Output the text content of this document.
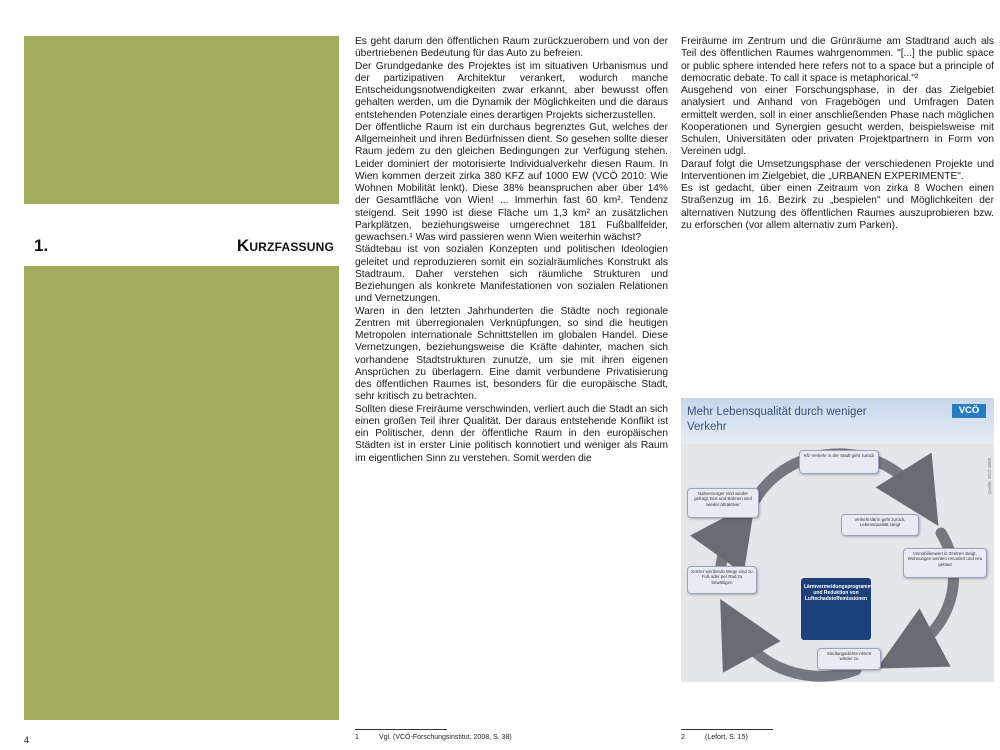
1.	Kurzfassung
4

Es geht darum den öffentlichen Raum zurückzuerobern und von der übertriebenen Bedeutung für das Auto zu befreien.

Der Grundgedanke des Projektes ist im situativen Urbanismus und der partizipativen Architektur verankert, wodurch manche Entscheidungsnotwendigkeiten zwar erkannt, aber bewusst offen gehalten werden, um die Dynamik der Möglichkeiten und die daraus entstehenden Potenziale eines derartigen Projekts sicherzustellen.

Der öffentliche Raum ist ein durchaus begrenztes Gut, welches der Allgemeinheit und ihren Bedürfnissen dient. So gesehen sollte dieser Raum jedem zu den gleichen Bedingungen zur Verfügung stehen. Leider dominiert der motorisierte Individualverkehr diesen Raum. In Wien kommen derzeit zirka 380 KFZ auf 1000 EW (VCÖ 2010: Wie Wohnen Mobilität lenkt). Diese 38% beanspruchen aber über 14% der Gesamtfläche von Wien! ... Immerhin fast 60 km². Tendenz steigend. Seit 1990 ist diese Fläche um 1,3 km² an zusätzlichen Parkplätzen, beziehungsweise umgerechnet 181 Fußballfelder, gewachsen.¹ Was wird passieren wenn Wien weiterhin wächst?

Städtebau ist von sozialen Konzepten und politischen Ideologien geleitet und reproduzieren somit ein sozialräumliches Konstrukt als Stadtraum. Daher verstehen sich räumliche Strukturen und Beziehungen als konkrete Manifestationen von sozialen Relationen und Vernetzungen.

Waren in den letzten Jahrhunderten die Städte noch regionale Zentren mit überregionalen Verknüpfungen, so sind die heutigen Metropolen internationale Schnittstellen im globalen Handel. Diese Vernetzungen, beziehungsweise die Kräfte dahinter, machen sich vorhandene Stadtstrukturen zunutze, um sie mit ihren eigenen Ansprüchen zu überlagern. Eine damit verbundene Privatisierung des öffentlichen Raumes ist, besonders für die europäische Stadt, sehr kritisch zu betrachten.

Sollten diese Freiräume verschwinden, verliert auch die Stadt an sich einen großen Teil ihrer Qualität. Der daraus entstehende Konflikt ist ein Politischer, denn der öffentliche Raum in den europäischen Städten ist in erster Linie politisch konnotiert und weniger als Raum im eigentlichen Sinn zu verstehen. Somit werden die

1	Vgl. (VCÖ-Forschungsinstitut, 2008, S. 38)

Freiräume im Zentrum und die Grünräume am Stadtrand auch als Teil des öffentlichen Raumes wahrgenommen. "[...] the public space or public sphere intended here refers not to a space but a principle of democratic debate. To call it space is metaphorical."²

Ausgehend von einer Forschungsphase, in der das Zielgebiet analysiert und Anhand von Fragebögen und Umfragen Daten ermittelt werden, soll in einer anschließenden Phase nach möglichen Kooperationen und Synergien gesucht werden, beispielsweise mit Schulen, Universitäten oder privaten Projektpartnern in Form von Vereinen udgl.

Darauf folgt die Umsetzungsphase der verschiedenen Projekte und Interventionen im Zielgebiet, die „URBANEN EXPERIMENTE".

Es ist gedacht, über einen Zeitraum von zirka 8 Wochen einen Straßenzug im 16. Bezirk zu „bespielen" und Möglichkeiten der alternativen Nutzung des öffentlichen Raumes auszuprobieren bzw. zu erforschen (vor allem alternativ zum Parken).

Mehr Lebensqualität durch weniger Verkehr
VCÖ
Kfz-Verkehr in der Stadt geht zurück
Verkehrslärm geht zurück, Lebensqualität steigt
Immobilienwert in Zentren steigt, Wohnungen werden renoviert und neu gebaut
Siedlungsdichte nimmt wieder zu
Kürzer werdende Wege sind zu Fuß oder per Rad zu bewältigen
Nahversorger sind wieder gefragt, Bus und Bahnen sind wieder attraktiver
Lärmvermeidungsprogramm und Reduktion von Luftschadstoffemissionen
Quelle: VCÖ 2009
2	(Lefort, S. 15)
